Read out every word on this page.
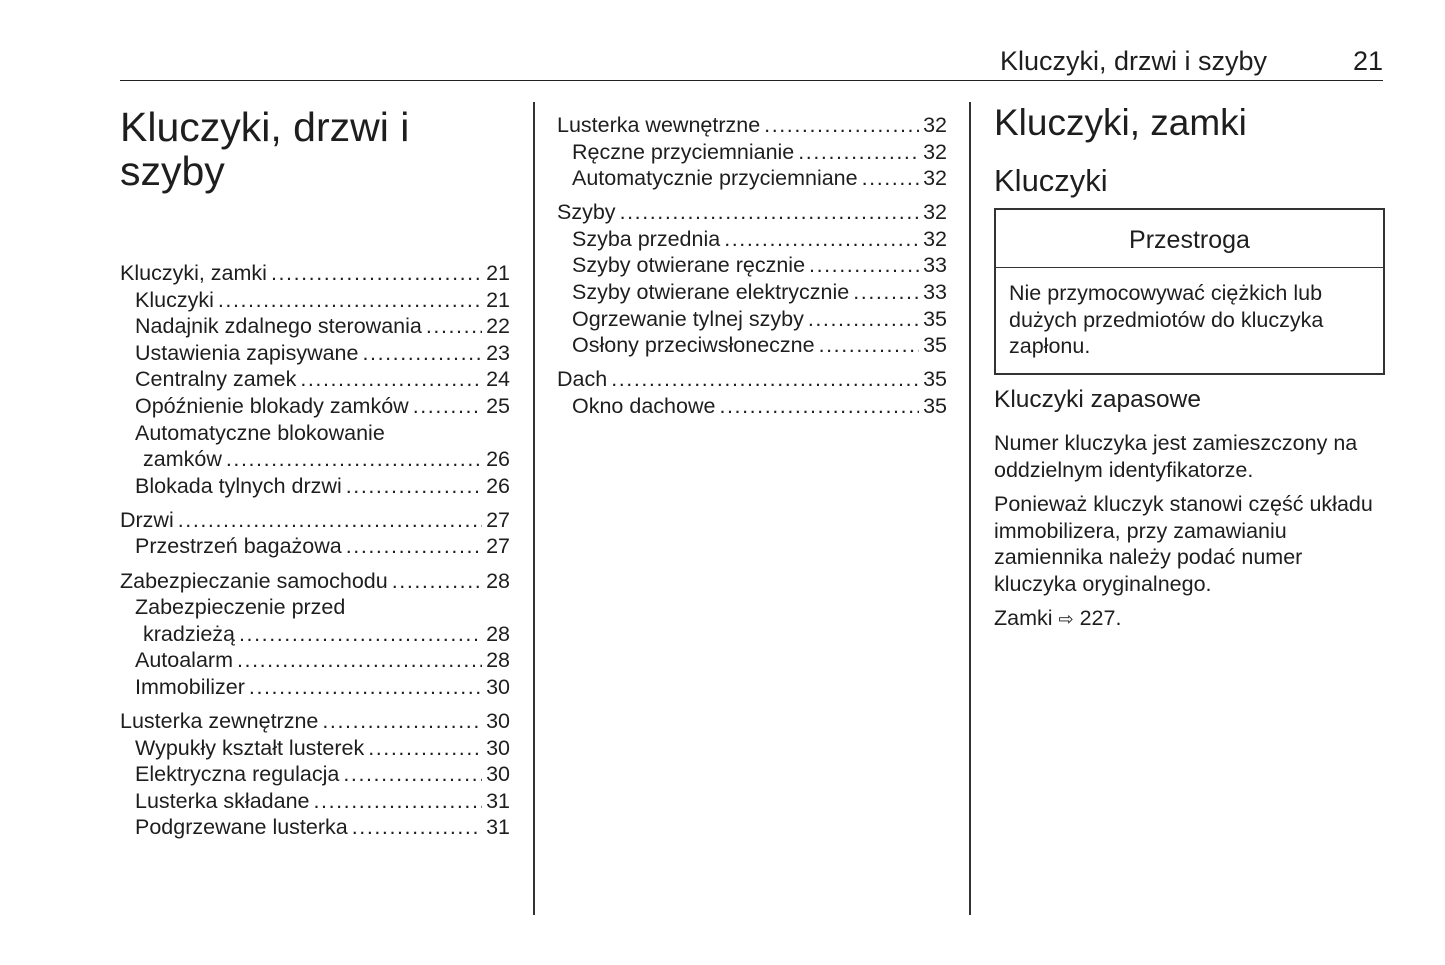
Kluczyki, drzwi i szyby	21
Kluczyki, drzwi i szyby
Kluczyki, zamki . . .	21
Kluczyki . . .	21
Nadajnik zdalnego sterowania . . .	22
Ustawienia zapisywane . . .	23
Centralny zamek . . .	24
Opóźnienie blokady zamków . . .	25
Automatyczne blokowanie
zamków . . .	26
Blokada tylnych drzwi . . .	26
Drzwi . . .	27
Przestrzeń bagażowa . . .	27
Zabezpieczanie samochodu . . .	28
Zabezpieczenie przed
kradzieżą . . .	28
Autoalarm . . .	28
Immobilizer . . .	30
Lusterka zewnętrzne . . .	30
Wypukły kształt lusterek . . .	30
Elektryczna regulacja . . .	30
Lusterka składane . . .	31
Podgrzewane lusterka . . .	31
Lusterka wewnętrzne . . .	32
Ręczne przyciemnianie . . .	32
Automatycznie przyciemniane . . .	32
Szyby . . .	32
Szyba przednia . . .	32
Szyby otwierane ręcznie . . .	33
Szyby otwierane elektrycznie . . .	33
Ogrzewanie tylnej szyby . . .	35
Osłony przeciwsłoneczne . . .	35
Dach . . .	35
Okno dachowe . . .	35
Kluczyki, zamki
Kluczyki
Przestroga
Nie przymocowywać ciężkich lub dużych przedmiotów do kluczyka zapłonu.
Kluczyki zapasowe

Numer kluczyka jest zamieszczony na oddzielnym identyfikatorze.

Ponieważ kluczyk stanowi część układu immobilizera, przy zamawianiu zamiennika należy podać numer kluczyka oryginalnego.

Zamki ⇨ 227.
